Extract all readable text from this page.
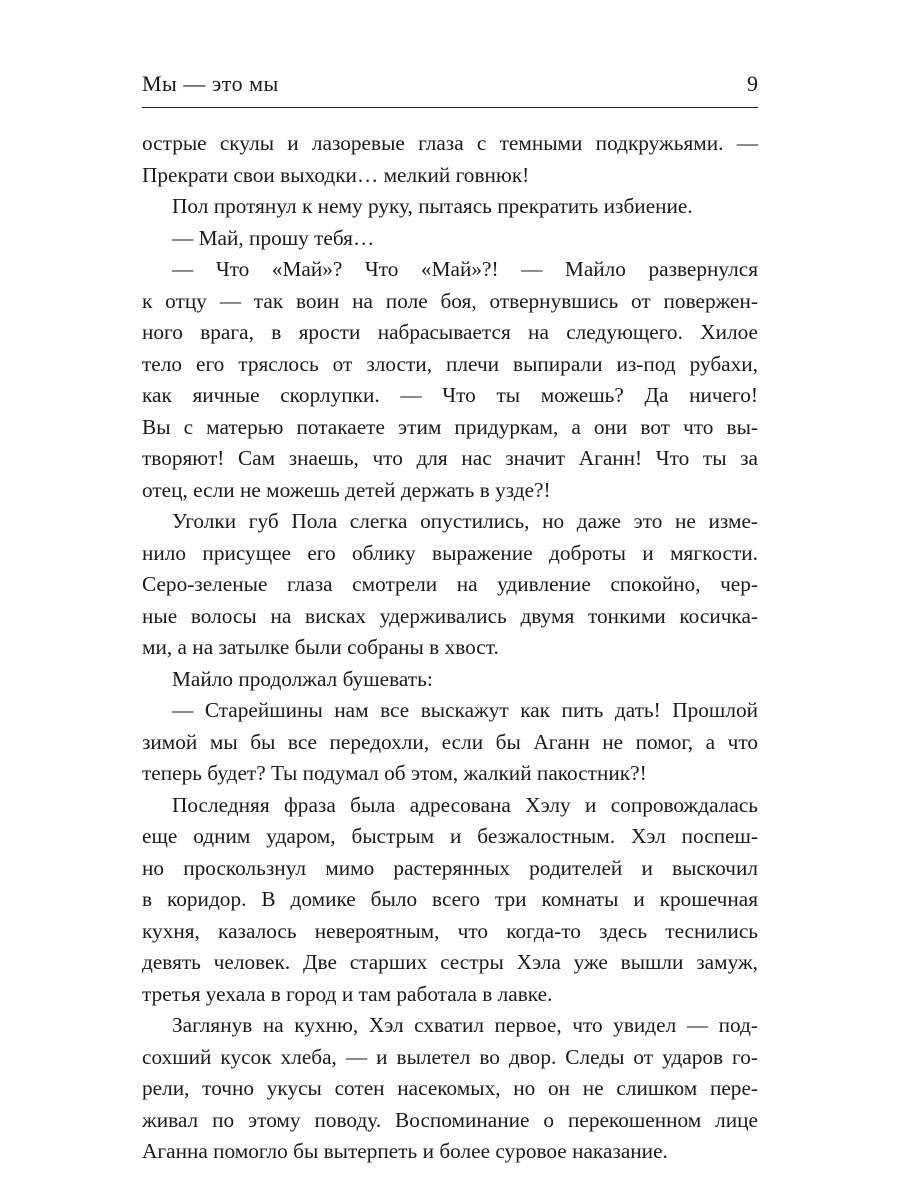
Мы — это мы	9
острые скулы и лазоревые глаза с темными подкружьями. —
Прекрати свои выходки… мелкий говнюк!
Пол протянул к нему руку, пытаясь прекратить избиение.
— Май, прошу тебя…
— Что «Май»? Что «Май»?! — Майло развернулся
к отцу — так воин на поле боя, отвернувшись от повержен-
ного врага, в ярости набрасывается на следующего. Хилое
тело его тряслось от злости, плечи выпирали из-под рубахи,
как яичные скорлупки. — Что ты можешь? Да ничего!
Вы с матерью потакаете этим придуркам, а они вот что вы-
творяют! Сам знаешь, что для нас значит Аганн! Что ты за
отец, если не можешь детей держать в узде?!
Уголки губ Пола слегка опустились, но даже это не изме-
нило присущее его облику выражение доброты и мягкости.
Серо-зеленые глаза смотрели на удивление спокойно, чер-
ные волосы на висках удерживались двумя тонкими косичка-
ми, а на затылке были собраны в хвост.
Майло продолжал бушевать:
— Старейшины нам все выскажут как пить дать! Прошлой
зимой мы бы все передохли, если бы Аганн не помог, а что
теперь будет? Ты подумал об этом, жалкий пакостник?!
Последняя фраза была адресована Хэлу и сопровождалась
еще одним ударом, быстрым и безжалостным. Хэл поспеш-
но проскользнул мимо растерянных родителей и выскочил
в коридор. В домике было всего три комнаты и крошечная
кухня, казалось невероятным, что когда-то здесь теснились
девять человек. Две старших сестры Хэла уже вышли замуж,
третья уехала в город и там работала в лавке.
Заглянув на кухню, Хэл схватил первое, что увидел — под-
сохший кусок хлеба, — и вылетел во двор. Следы от ударов го-
рели, точно укусы сотен насекомых, но он не слишком пере-
живал по этому поводу. Воспоминание о перекошенном лице
Аганна помогло бы вытерпеть и более суровое наказание.
